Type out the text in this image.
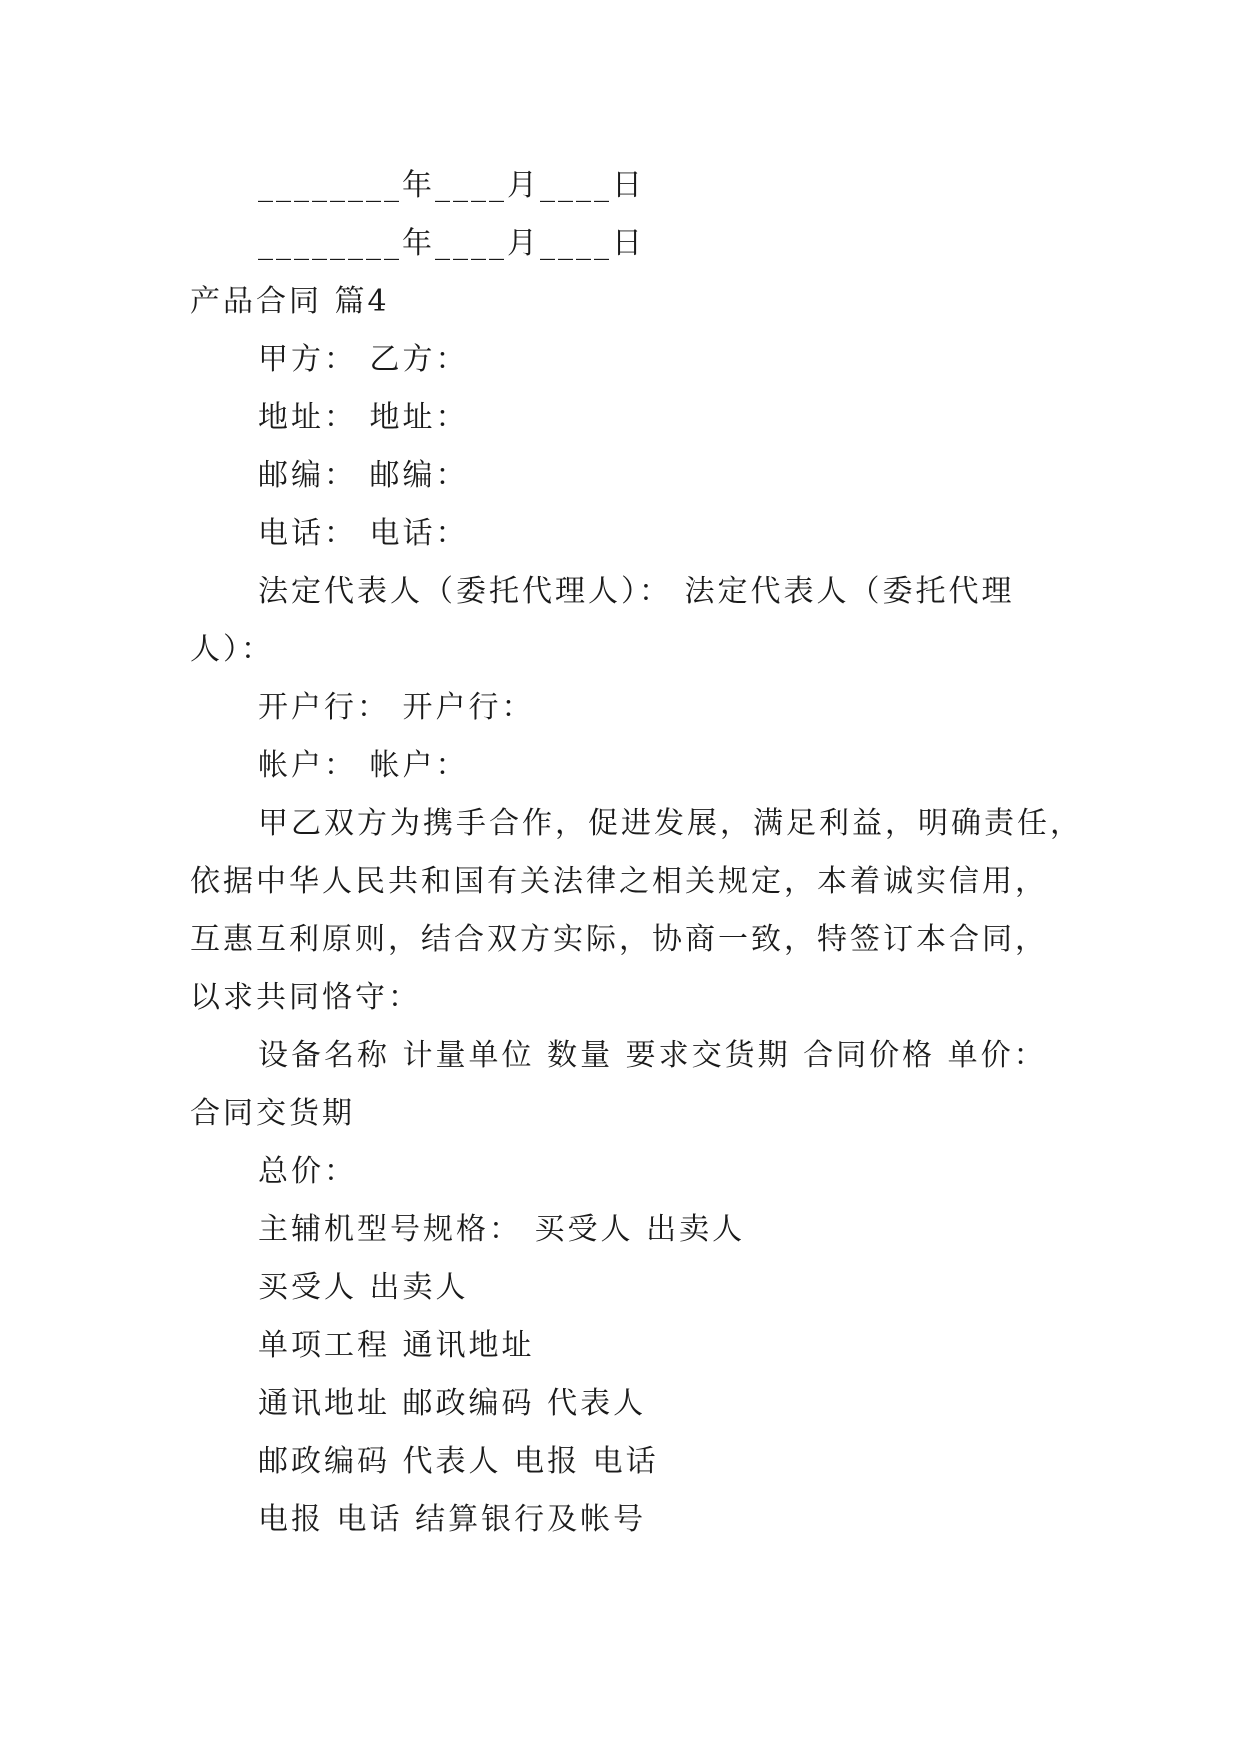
________年____月____日
________年____月____日
产品合同 篇4
甲方： 乙方：
地址： 地址：
邮编： 邮编：
电话： 电话：
法定代表人（委托代理人）： 法定代表人（委托代理
人）：
开户行： 开户行：
帐户： 帐户：
甲乙双方为携手合作，促进发展，满足利益，明确责任，
依据中华人民共和国有关法律之相关规定，本着诚实信用，
互惠互利原则，结合双方实际，协商一致，特签订本合同，
以求共同恪守：
设备名称 计量单位 数量 要求交货期 合同价格 单价：
合同交货期
总价：
主辅机型号规格： 买受人 出卖人
买受人 出卖人
单项工程 通讯地址
通讯地址 邮政编码 代表人
邮政编码 代表人 电报 电话
电报 电话 结算银行及帐号
